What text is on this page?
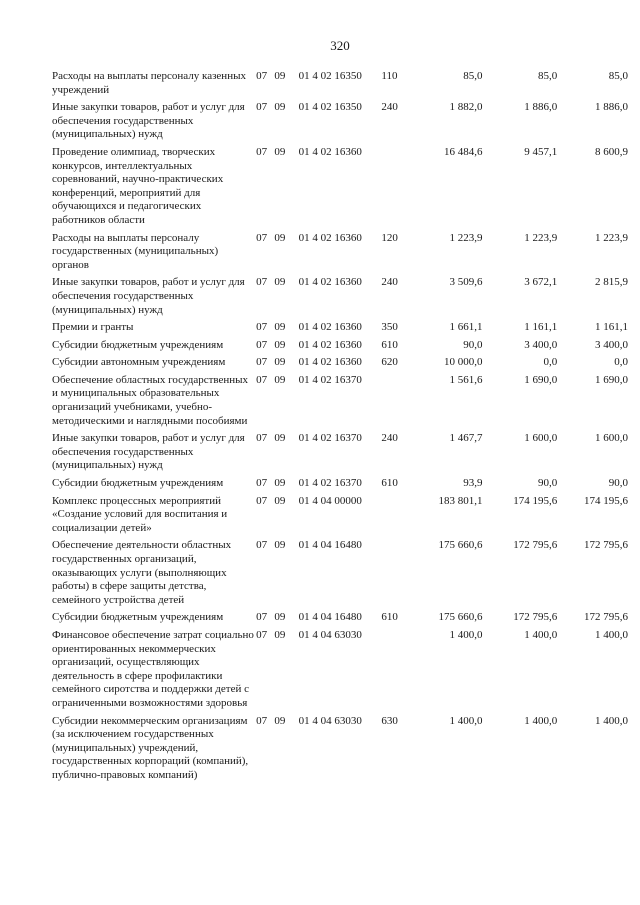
320
Расходы на выплаты персоналу казенных учреждений	07	09	01 4 02 16350	110	85,0	85,0	85,0
Иные закупки товаров, работ и услуг для обеспечения государственных (муниципальных) нужд	07	09	01 4 02 16350	240	1 882,0	1 886,0	1 886,0
Проведение олимпиад, творческих конкурсов, интеллектуальных соревнований, научно-практических конференций, мероприятий для обучающихся и педагогических работников области	07	09	01 4 02 16360		16 484,6	9 457,1	8 600,9
Расходы на выплаты персоналу государственных (муниципальных) органов	07	09	01 4 02 16360	120	1 223,9	1 223,9	1 223,9
Иные закупки товаров, работ и услуг для обеспечения государственных (муниципальных) нужд	07	09	01 4 02 16360	240	3 509,6	3 672,1	2 815,9
Премии и гранты	07	09	01 4 02 16360	350	1 661,1	1 161,1	1 161,1
Субсидии бюджетным учреждениям	07	09	01 4 02 16360	610	90,0	3 400,0	3 400,0
Субсидии автономным учреждениям	07	09	01 4 02 16360	620	10 000,0	0,0	0,0
Обеспечение областных государственных и муниципальных образовательных организаций учебниками, учебно-методическими и наглядными пособиями	07	09	01 4 02 16370		1 561,6	1 690,0	1 690,0
Иные закупки товаров, работ и услуг для обеспечения государственных (муниципальных) нужд	07	09	01 4 02 16370	240	1 467,7	1 600,0	1 600,0
Субсидии бюджетным учреждениям	07	09	01 4 02 16370	610	93,9	90,0	90,0
Комплекс процессных мероприятий «Создание условий для воспитания и социализации детей»	07	09	01 4 04 00000		183 801,1	174 195,6	174 195,6
Обеспечение деятельности областных государственных организаций, оказывающих услуги (выполняющих работы) в сфере защиты детства, семейного устройства детей	07	09	01 4 04 16480		175 660,6	172 795,6	172 795,6
Субсидии бюджетным учреждениям	07	09	01 4 04 16480	610	175 660,6	172 795,6	172 795,6
Финансовое обеспечение затрат социально ориентированных некоммерческих организаций, осуществляющих деятельность в сфере профилактики семейного сиротства и поддержки детей с ограниченными возможностями здоровья	07	09	01 4 04 63030		1 400,0	1 400,0	1 400,0
Субсидии некоммерческим организациям (за исключением государственных (муниципальных) учреждений, государственных корпораций (компаний), публично-правовых компаний)	07	09	01 4 04 63030	630	1 400,0	1 400,0	1 400,0
